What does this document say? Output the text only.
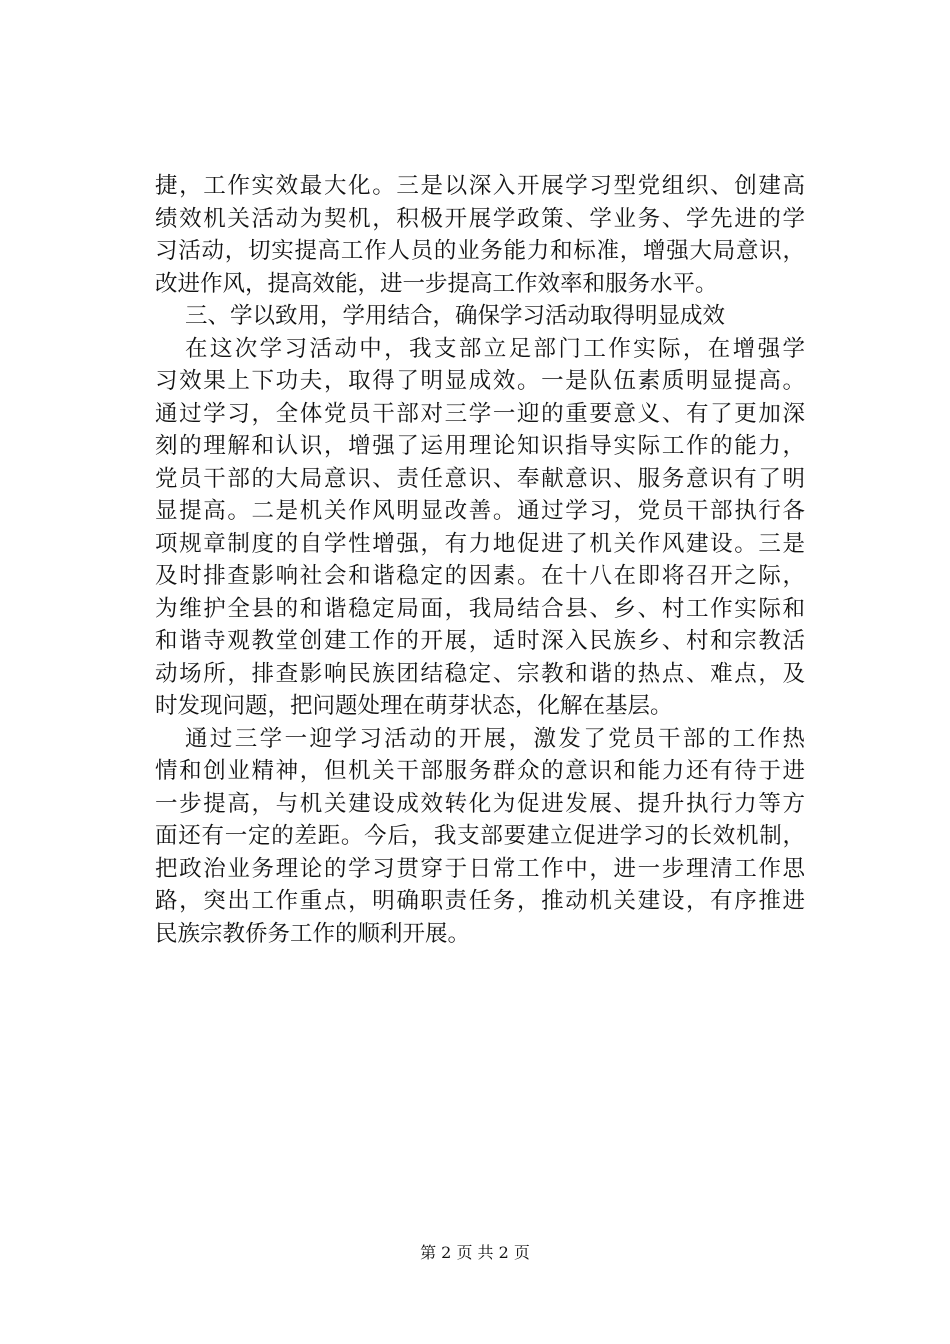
捷，工作实效最大化。三是以深入开展学习型党组织、创建高
绩效机关活动为契机，积极开展学政策、学业务、学先进的学
习活动，切实提高工作人员的业务能力和标准，增强大局意识，
改进作风，提高效能，进一步提高工作效率和服务水平。
三、学以致用，学用结合，确保学习活动取得明显成效
在这次学习活动中，我支部立足部门工作实际，在增强学
习效果上下功夫，取得了明显成效。一是队伍素质明显提高。
通过学习，全体党员干部对三学一迎的重要意义、有了更加深
刻的理解和认识，增强了运用理论知识指导实际工作的能力，
党员干部的大局意识、责任意识、奉献意识、服务意识有了明
显提高。二是机关作风明显改善。通过学习，党员干部执行各
项规章制度的自学性增强，有力地促进了机关作风建设。三是
及时排查影响社会和谐稳定的因素。在十八在即将召开之际，
为维护全县的和谐稳定局面，我局结合县、乡、村工作实际和
和谐寺观教堂创建工作的开展，适时深入民族乡、村和宗教活
动场所，排查影响民族团结稳定、宗教和谐的热点、难点，及
时发现问题，把问题处理在萌芽状态，化解在基层。
通过三学一迎学习活动的开展，激发了党员干部的工作热
情和创业精神，但机关干部服务群众的意识和能力还有待于进
一步提高，与机关建设成效转化为促进发展、提升执行力等方
面还有一定的差距。今后，我支部要建立促进学习的长效机制，
把政治业务理论的学习贯穿于日常工作中，进一步理清工作思
路，突出工作重点，明确职责任务，推动机关建设，有序推进
民族宗教侨务工作的顺利开展。
第 2 页 共 2 页
